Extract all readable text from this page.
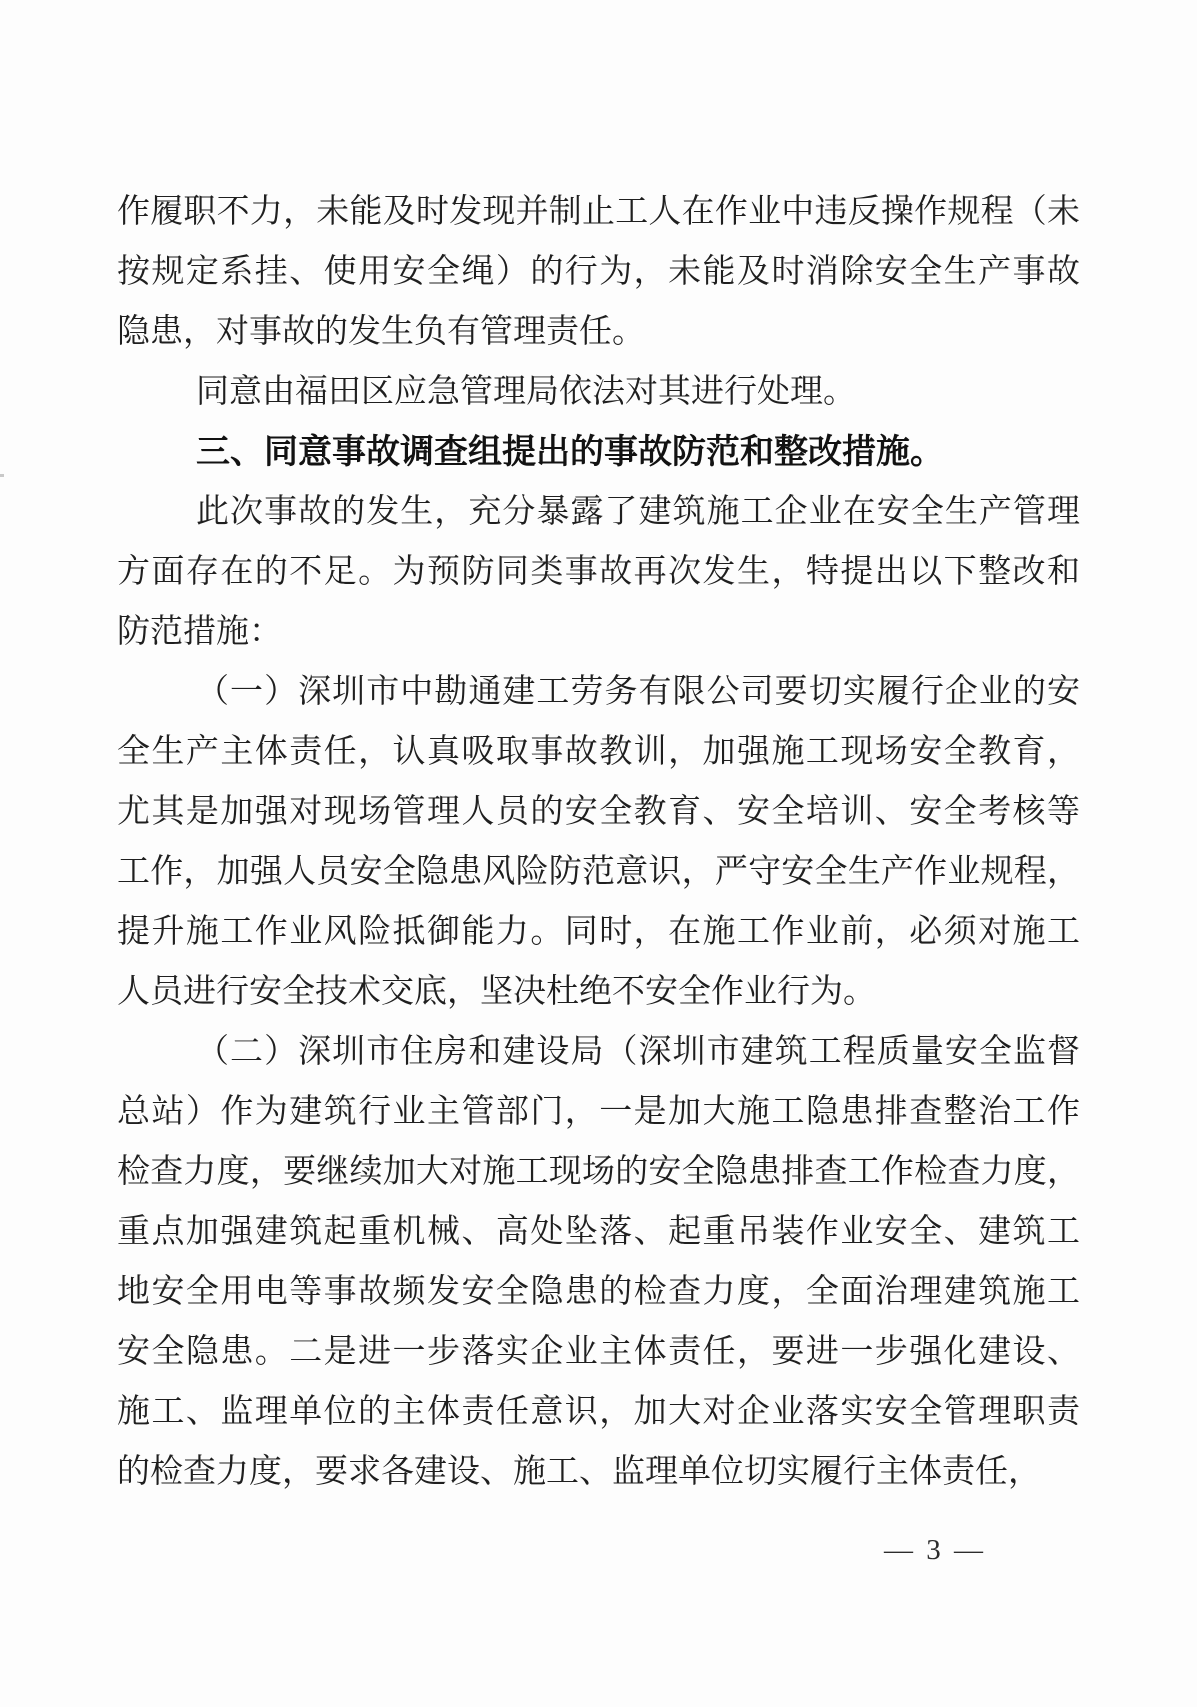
作履职不力，未能及时发现并制止工人在作业中违反操作规程（未
按规定系挂、使用安全绳）的行为，未能及时消除安全生产事故
隐患，对事故的发生负有管理责任。
同意由福田区应急管理局依法对其进行处理。
三、同意事故调查组提出的事故防范和整改措施。
此次事故的发生，充分暴露了建筑施工企业在安全生产管理
方面存在的不足。为预防同类事故再次发生，特提出以下整改和
防范措施：
（一）深圳市中勘通建工劳务有限公司要切实履行企业的安
全生产主体责任，认真吸取事故教训，加强施工现场安全教育，
尤其是加强对现场管理人员的安全教育、安全培训、安全考核等
工作，加强人员安全隐患风险防范意识，严守安全生产作业规程，
提升施工作业风险抵御能力。同时，在施工作业前，必须对施工
人员进行安全技术交底，坚决杜绝不安全作业行为。
（二）深圳市住房和建设局（深圳市建筑工程质量安全监督
总站）作为建筑行业主管部门，一是加大施工隐患排查整治工作
检查力度，要继续加大对施工现场的安全隐患排查工作检查力度，
重点加强建筑起重机械、高处坠落、起重吊装作业安全、建筑工
地安全用电等事故频发安全隐患的检查力度，全面治理建筑施工
安全隐患。二是进一步落实企业主体责任，要进一步强化建设、
施工、监理单位的主体责任意识，加大对企业落实安全管理职责
的检查力度，要求各建设、施工、监理单位切实履行主体责任，
— 3 —
